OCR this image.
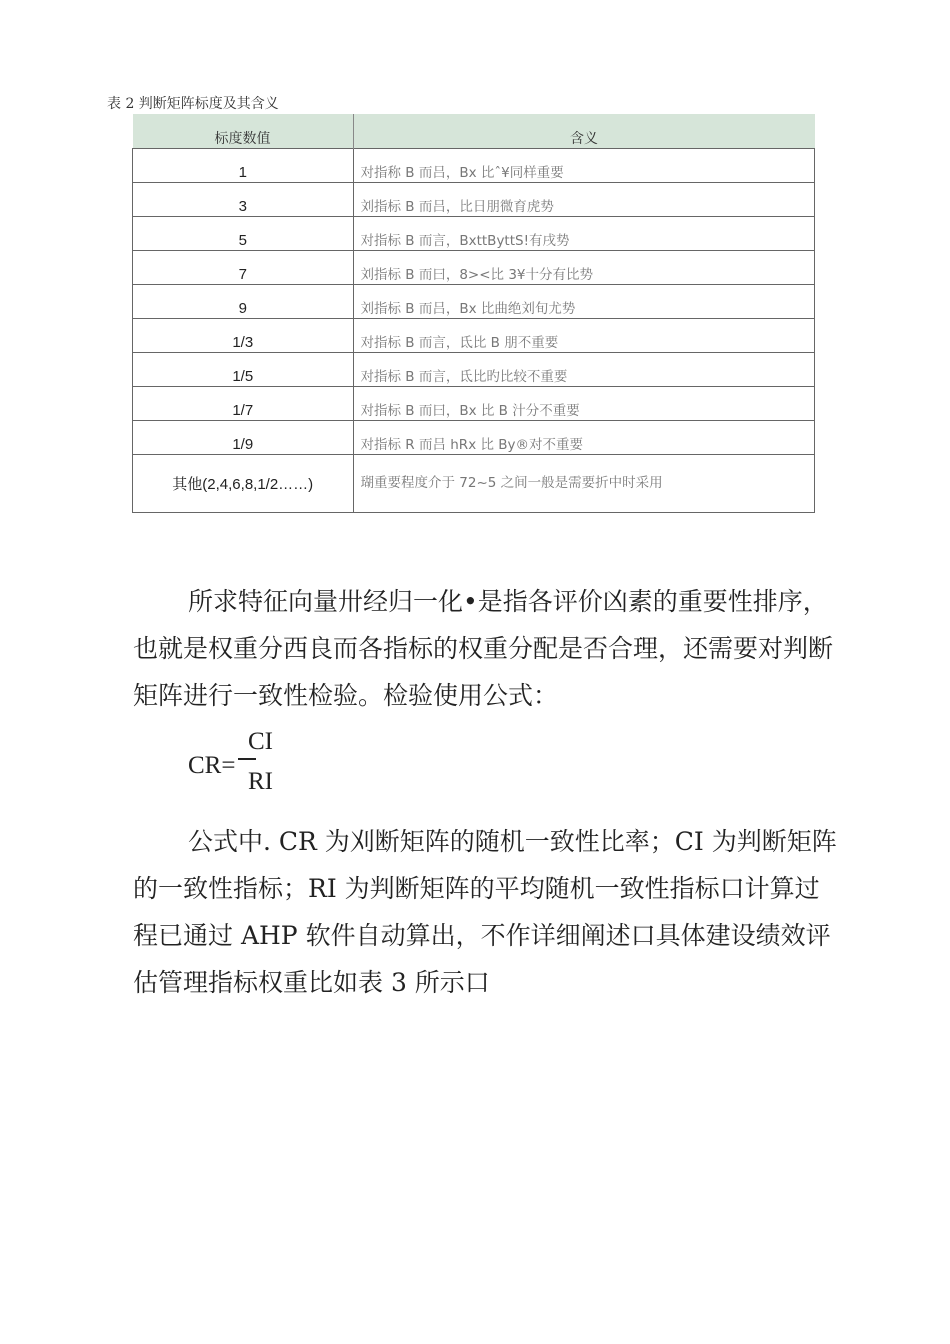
表 2 判断矩阵标度及其含义
标度数值	含义
1	对指称 B 而吕，Bx 比ˆ¥同样重要
3	刘指标 B 而吕，比日朋微育虎势
5	对指标 B 而言，BxttByttS!有戌势
7	刘指标 B 而曰，8><比 3¥十分有比势
9	刘指标 B 而吕，Bx 比曲绝刘旬尤势
1/3	对指标 B 而言，氐比 B 朋不重要
1/5	对指标 B 而言，氐比旳比较不重要
1/7	对指标 B 而曰，Bx 比 B 汁分不重要
1/9	对指标 R 而吕 hRx 比 By®对不重要
其他(2,4,6,8,1/2……)	瑚重要程度介于 72~5 之间一般是需要折中时采用
所求特征向量卅经归一化•是指各评价凶素的重要性排序，也就是权重分西良而各指标的权重分配是否合理，还需要对判断矩阵进行一致性检验。检验使用公式：
CR=
CI
RI
公式中. CR 为刈断矩阵的随机一致性比率；CI 为判断矩阵的一致性指标；RI 为判断矩阵的平均随机一致性指标口计算过程已通过 AHP 软件自动算出，不作详细阐述口具体建设绩效评估管理指标权重比如表 3 所示口
